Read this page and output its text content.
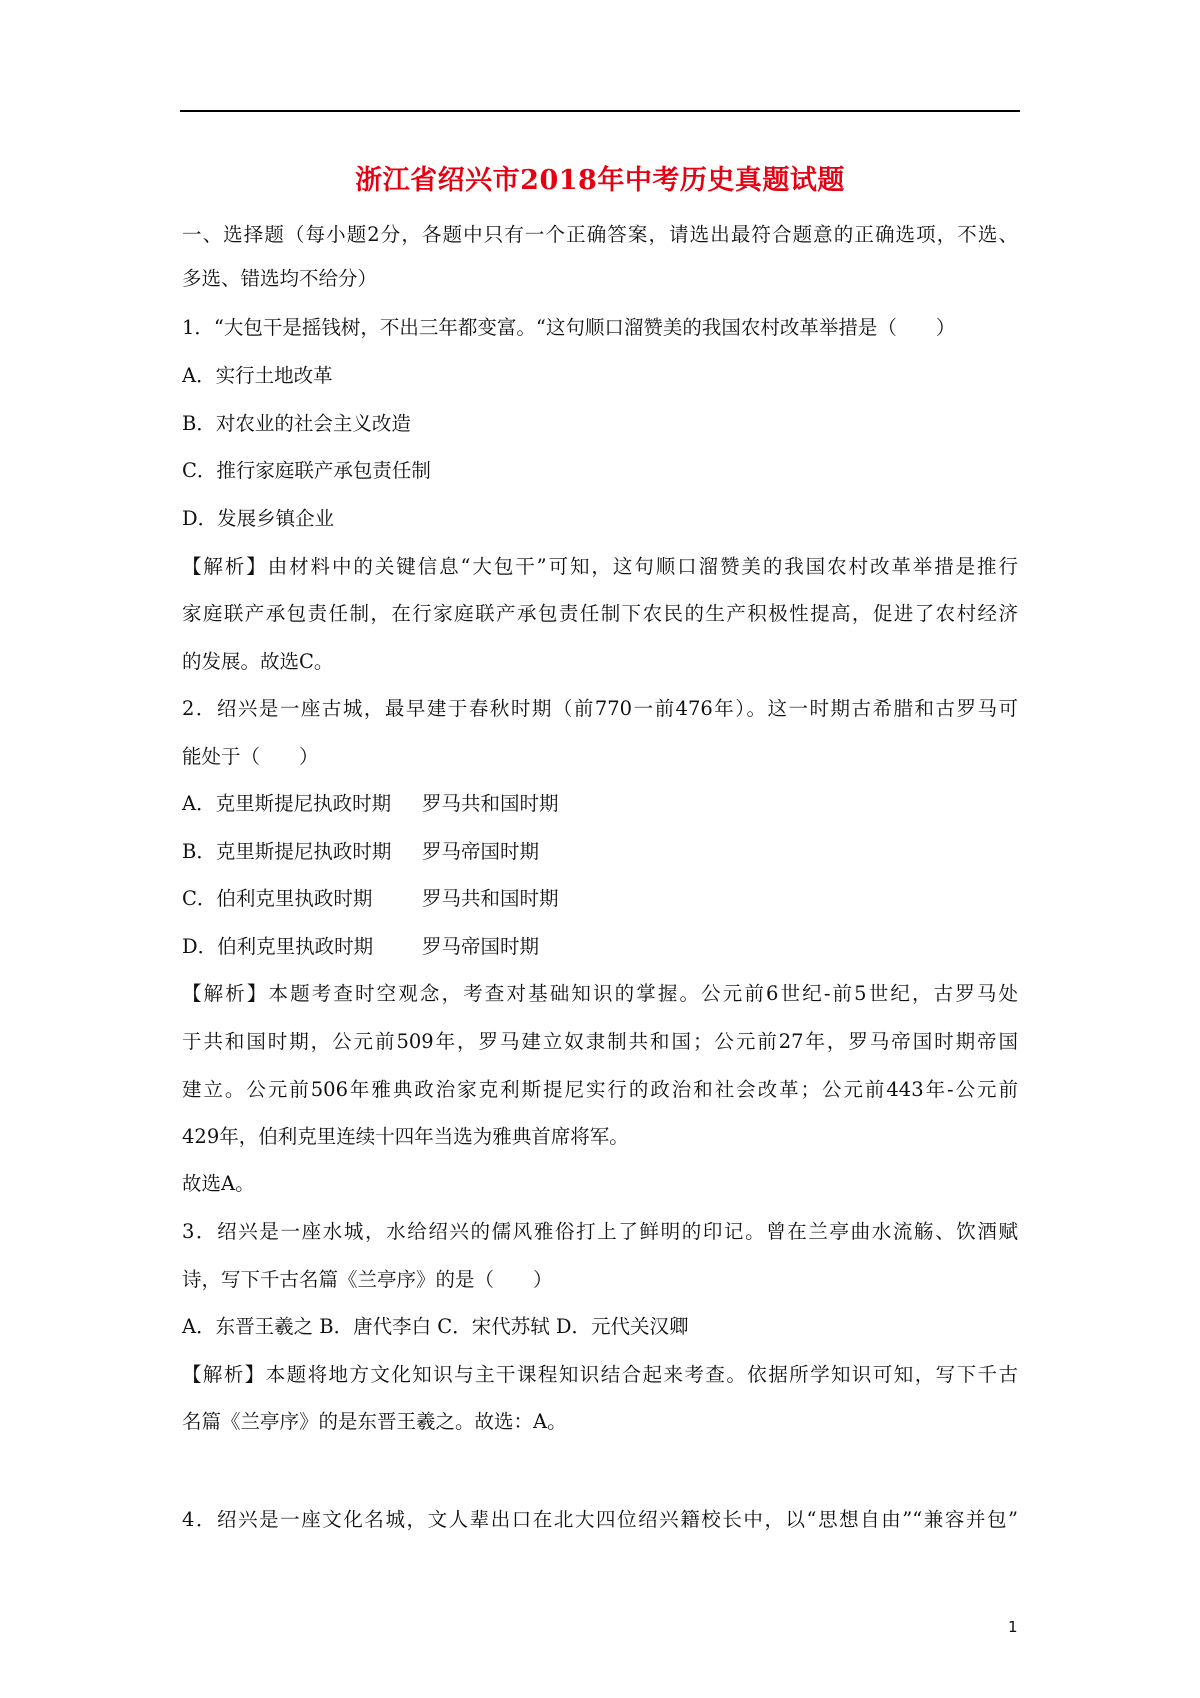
浙江省绍兴市2018年中考历史真题试题
一、选择题（每小题2分，各题中只有一个正确答案，请选出最符合题意的正确选项，不选、
多选、错选均不给分）
1．“大包干是摇钱树，不出三年都变富。“这句顺口溜赞美的我国农村改革举措是（　　）
A．实行土地改革
B．对农业的社会主义改造
C．推行家庭联产承包责任制
D．发展乡镇企业
【解析】由材料中的关键信息“大包干”可知，这句顺口溜赞美的我国农村改革举措是推行
家庭联产承包责任制，在行家庭联产承包责任制下农民的生产积极性提高，促进了农村经济
的发展。故选C。
2．绍兴是一座古城，最早建于春秋时期（前770一前476年）。这一时期古希腊和古罗马可
能处于（　　）
A．克里斯提尼执政时期 罗马共和国时期
B．克里斯提尼执政时期 罗马帝国时期
C．伯利克里执政时期	罗马共和国时期
D．伯利克里执政时期	罗马帝国时期
【解析】本题考查时空观念，考查对基础知识的掌握。公元前6世纪-前5世纪，古罗马处
于共和国时期，公元前509年，罗马建立奴隶制共和国；公元前27年，罗马帝国时期帝国
建立。公元前506年雅典政治家克利斯提尼实行的政治和社会改革；公元前443年-公元前
429年，伯利克里连续十四年当选为雅典首席将军。
故选A。
3．绍兴是一座水城，水给绍兴的儒风雅俗打上了鲜明的印记。曾在兰亭曲水流觞、饮酒赋
诗，写下千古名篇《兰亭序》的是（　　）
A．东晋王羲之 B．唐代李白 C．宋代苏轼 D．元代关汉卿
【解析】本题将地方文化知识与主干课程知识结合起来考查。依据所学知识可知，写下千古
名篇《兰亭序》的是东晋王羲之。故选：A。
4．绍兴是一座文化名城，文人辈出口在北大四位绍兴籍校长中，以“思想自由”“兼容并包”
1
